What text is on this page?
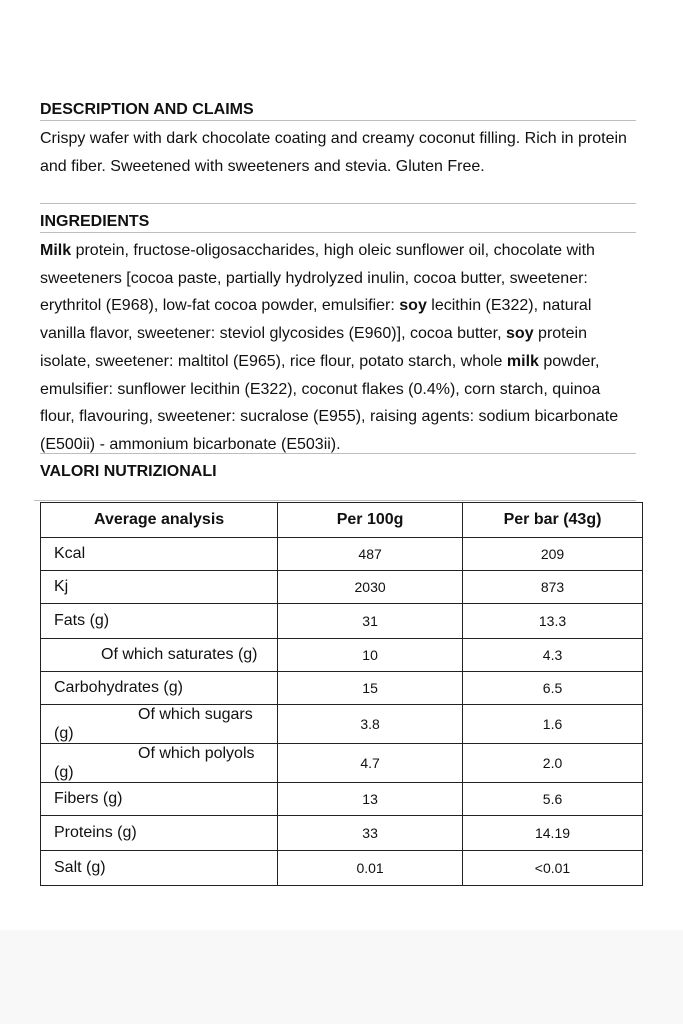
DESCRIPTION AND CLAIMS

Crispy wafer with dark chocolate coating and creamy coconut filling. Rich in protein and fiber. Sweetened with sweeteners and stevia. Gluten Free.

INGREDIENTS

Milk protein, fructose-oligosaccharides, high oleic sunflower oil, chocolate with sweeteners [cocoa paste, partially hydrolyzed inulin, cocoa butter, sweetener: erythritol (E968), low-fat cocoa powder, emulsifier: soy lecithin (E322), natural vanilla flavor, sweetener: steviol glycosides (E960)], cocoa butter, soy protein isolate, sweetener: maltitol (E965), rice flour, potato starch, whole milk powder, emulsifier: sunflower lecithin (E322), coconut flakes (0.4%), corn starch, quinoa flour, flavouring, sweetener: sucralose (E955), raising agents: sodium bicarbonate (E500ii) - ammonium bicarbonate (E503ii).

VALORI NUTRIZIONALI

Average analysis	Per 100g	Per bar (43g)

Kcal	487	209

Kj	2030	873

Fats (g)	31	13.3

Of which saturates (g)	10	4.3

Carbohydrates (g)	15	6.5

Of which sugars
(g)	3.8	1.6

Of which polyols
(g)	4.7	2.0

Fibers (g)	13	5.6

Proteins (g)	33	14.19

Salt (g)	0.01	<0.01
